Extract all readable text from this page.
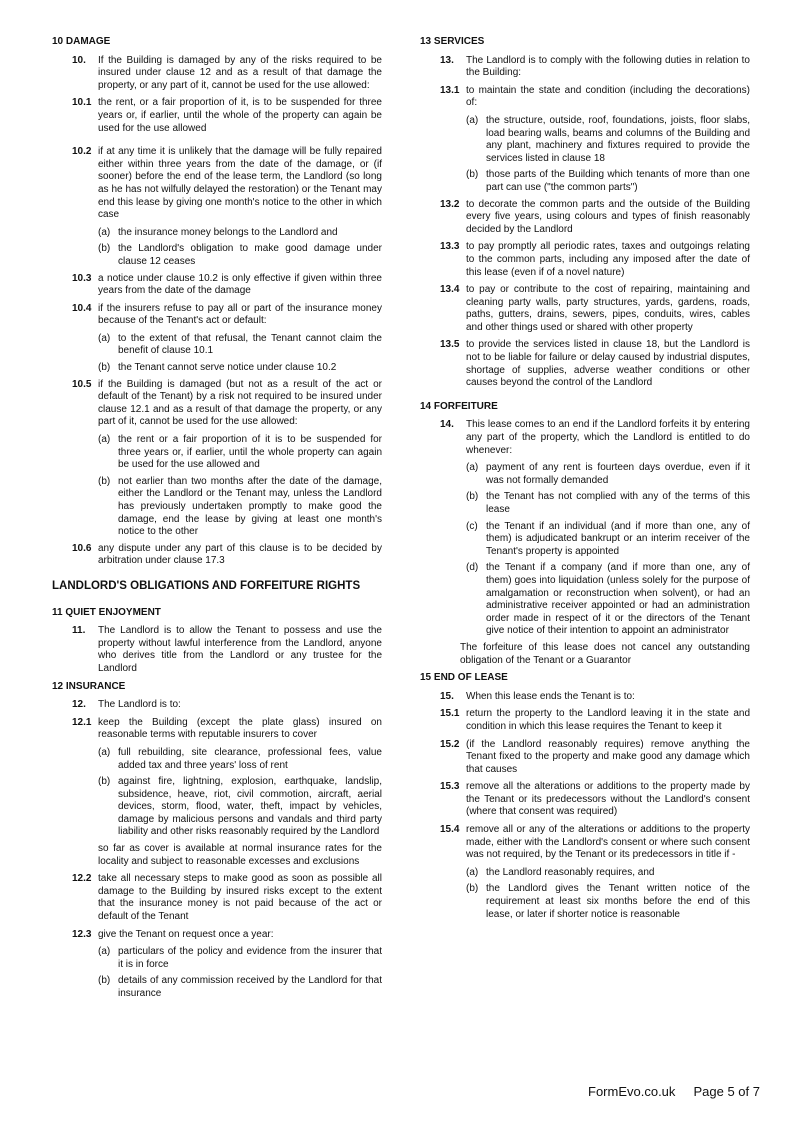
10 DAMAGE
10.	If the Building is damaged by any of the risks required to be insured under clause 12 and as a result of that damage the property, or any part of it, cannot be used for the use allowed:
10.1 the rent, or a fair proportion of it, is to be suspended for three years or, if earlier, until the whole of the property can again be used for the use allowed
10.2 if at any time it is unlikely that the damage will be fully repaired either within three years from the date of the damage, or (if sooner) before the end of the lease term, the Landlord (so long as he has not wilfully delayed the restoration) or the Tenant may end this lease by giving one month's notice to the other in which case
(a) the insurance money belongs to the Landlord and
(b) the Landlord's obligation to make good damage under clause 12 ceases
10.3 a notice under clause 10.2 is only effective if given within three years from the date of the damage
10.4 if the insurers refuse to pay all or part of the insurance money because of the Tenant's act or default:
(a) to the extent of that refusal, the Tenant cannot claim the benefit of clause 10.1
(b) the Tenant cannot serve notice under clause 10.2
10.5 if the Building is damaged (but not as a result of the act or default of the Tenant) by a risk not required to be insured under clause 12.1 and as a result of that damage the property, or any part of it, cannot be used for the use allowed:
(a) the rent or a fair proportion of it is to be suspended for three years or, if earlier, until the whole property can again be used for the use allowed and
(b) not earlier than two months after the date of the damage, either the Landlord or the Tenant may, unless the Landlord has previously undertaken promptly to make good the damage, end the lease by giving at least one month's notice to the other
10.6 any dispute under any part of this clause is to be decided by arbitration under clause 17.3
LANDLORD'S OBLIGATIONS AND FORFEITURE RIGHTS
11 QUIET ENJOYMENT
11.	The Landlord is to allow the Tenant to possess and use the property without lawful interference from the Landlord, anyone who derives title from the Landlord or any trustee for the Landlord
12 INSURANCE
12.	The Landlord is to:
12.1 keep the Building (except the plate glass) insured on reasonable terms with reputable insurers to cover
(a) full rebuilding, site clearance, professional fees, value added tax and three years' loss of rent
(b) against fire, lightning, explosion, earthquake, landslip, subsidence, heave, riot, civil commotion, aircraft, aerial devices, storm, flood, water, theft, impact by vehicles, damage by malicious persons and vandals and third party liability and other risks reasonably required by the Landlord
so far as cover is available at normal insurance rates for the locality and subject to reasonable excesses and exclusions
12.2 take all necessary steps to make good as soon as possible all damage to the Building by insured risks except to the extent that the insurance money is not paid because of the act or default of the Tenant
12.3 give the Tenant on request once a year:
(a) particulars of the policy and evidence from the insurer that it is in force
(b) details of any commission received by the Landlord for that insurance
13 SERVICES
13.	The Landlord is to comply with the following duties in relation to the Building:
13.1 to maintain the state and condition (including the decorations) of:
(a) the structure, outside, roof, foundations, joists, floor slabs, load bearing walls, beams and columns of the Building and any plant, machinery and fixtures required to provide the services listed in clause 18
(b) those parts of the Building which tenants of more than one part can use ("the common parts")
13.2 to decorate the common parts and the outside of the Building every five years, using colours and types of finish reasonably decided by the Landlord
13.3 to pay promptly all periodic rates, taxes and outgoings relating to the common parts, including any imposed after the date of this lease (even if of a novel nature)
13.4 to pay or contribute to the cost of repairing, maintaining and cleaning party walls, party structures, yards, gardens, roads, paths, gutters, drains, sewers, pipes, conduits, wires, cables and other things used or shared with other property
13.5 to provide the services listed in clause 18, but the Landlord is not to be liable for failure or delay caused by industrial disputes, shortage of supplies, adverse weather conditions or other causes beyond the control of the Landlord
14 FORFEITURE
14.	This lease comes to an end if the Landlord forfeits it by entering any part of the property, which the Landlord is entitled to do whenever:
(a) payment of any rent is fourteen days overdue, even if it was not formally demanded
(b) the Tenant has not complied with any of the terms of this lease
(c) the Tenant if an individual (and if more than one, any of them) is adjudicated bankrupt or an interim receiver of the Tenant's property is appointed
(d) the Tenant if a company (and if more than one, any of them) goes into liquidation (unless solely for the purpose of amalgamation or reconstruction when solvent), or had an administrative receiver appointed or had an administration order made in respect of it or the directors of the Tenant give notice of their intention to appoint an administrator
The forfeiture of this lease does not cancel any outstanding obligation of the Tenant or a Guarantor
15 END OF LEASE
15.	When this lease ends the Tenant is to:
15.1 return the property to the Landlord leaving it in the state and condition in which this lease requires the Tenant to keep it
15.2 (if the Landlord reasonably requires) remove anything the Tenant fixed to the property and make good any damage which that causes
15.3 remove all the alterations or additions to the property made by the Tenant or its predecessors without the Landlord's consent (where that consent was required)
15.4 remove all or any of the alterations or additions to the property made, either with the Landlord's consent or where such consent was not required, by the Tenant or its predecessors in title if -
(a) the Landlord reasonably requires, and
(b) the Landlord gives the Tenant written notice of the requirement at least six months before the end of this lease, or later if shorter notice is reasonable
FormEvo.co.uk Page 5 of 7
